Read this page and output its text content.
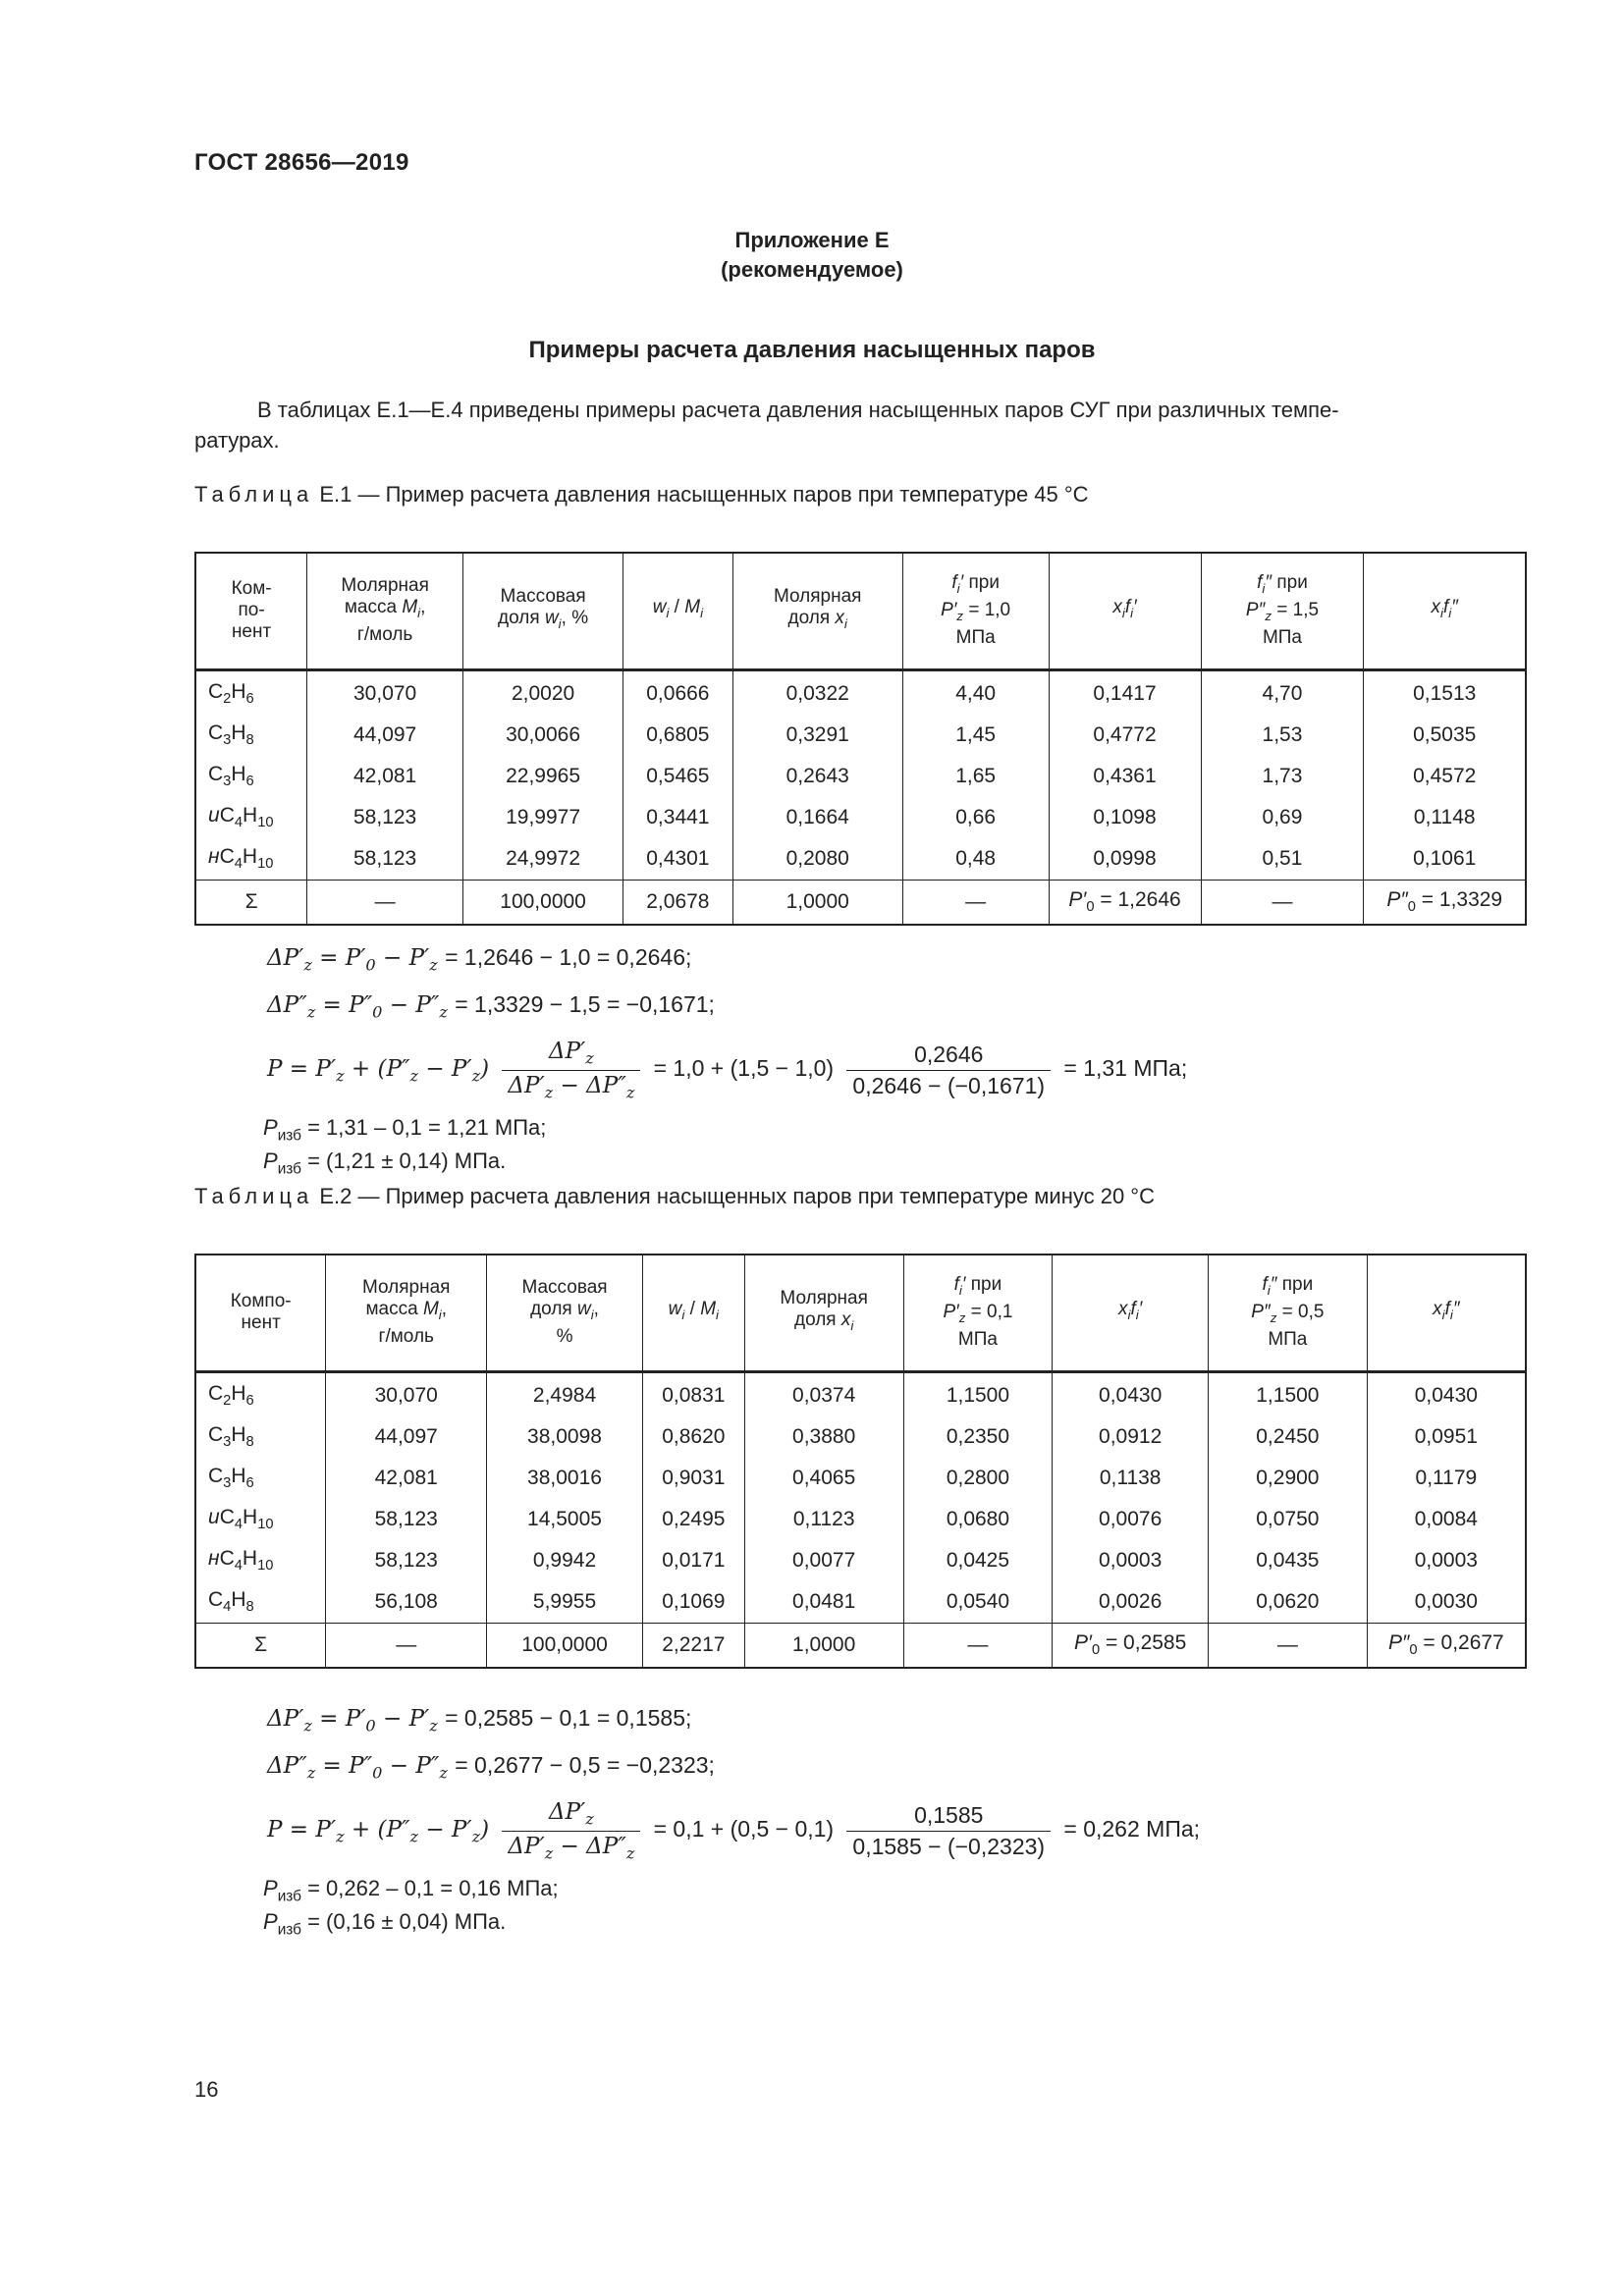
ГОСТ 28656—2019
Приложение Е
(рекомендуемое)
Примеры расчета давления насыщенных паров
В таблицах Е.1—Е.4 приведены примеры расчета давления насыщенных паров СУГ при различных темпе-
ратурах.
Таблица Е.1 — Пример расчета давления насыщенных паров при температуре 45 °С
Ком-
по-
нент	Молярная
масса $M_i$,
г/моль	Массовая
доля $w_i$, %	$w_i / M_i$	Молярная
доля $x_i$	$f_i'$ при
$P'_z = 1,0$
МПа	$x_if_i'$	$f_i''$ при
$P''_z = 1,5$
МПа	$x_if_i''$
$C_2H_6$	30,070	2,0020	0,0666	0,0322	4,40	0,1417	4,70	0,1513
$C_3H_8$	44,097	30,0066	0,6805	0,3291	1,45	0,4772	1,53	0,5035
$C_3H_6$	42,081	22,9965	0,5465	0,2643	1,65	0,4361	1,73	0,4572
$иC_4H_{10}$	58,123	19,9977	0,3441	0,1664	0,66	0,1098	0,69	0,1148
$нC_4H_{10}$	58,123	24,9972	0,4301	0,2080	0,48	0,0998	0,51	0,1061
Σ	—	100,0000	2,0678	1,0000	—	$P'_0 = 1,2646$	—	$P''_0 = 1,3329$
$\Delta P'_z = P'_0 - P'_z = 1,2646 - 1,0 = 0,2646$;
$\Delta P''_z = P''_0 - P''_z = 1,3329 - 1,5 = -0,1671$;
$P = P'_z + (P''_z - P'_z) \frac{\Delta P'_z}{\Delta P'_z - \Delta P''_z} = 1,0 + (1,5 - 1,0) \frac{0,2646}{0,2646 - (-0,1671)} = 1,31$ МПа;
$P_{изб} = 1,31 - 0,1 = 1,21$ МПа;
$P_{изб} = (1,21 \pm 0,14)$ МПа.
Таблица Е.2 — Пример расчета давления насыщенных паров при температуре минус 20 °С
Компо-
нент	Молярная
масса $M_i$,
г/моль	Массовая
доля $w_i$,
%	$w_i / M_i$	Молярная
доля $x_i$	$f_i'$ при
$P'_z = 0,1$
МПа	$x_if_i'$	$f_i''$ при
$P''_z = 0,5$
МПа	$x_if_i''$
$C_2H_6$	30,070	2,4984	0,0831	0,0374	1,1500	0,0430	1,1500	0,0430
$C_3H_8$	44,097	38,0098	0,8620	0,3880	0,2350	0,0912	0,2450	0,0951
$C_3H_6$	42,081	38,0016	0,9031	0,4065	0,2800	0,1138	0,2900	0,1179
$иC_4H_{10}$	58,123	14,5005	0,2495	0,1123	0,0680	0,0076	0,0750	0,0084
$нC_4H_{10}$	58,123	0,9942	0,0171	0,0077	0,0425	0,0003	0,0435	0,0003
$C_4H_8$	56,108	5,9955	0,1069	0,0481	0,0540	0,0026	0,0620	0,0030
Σ	—	100,0000	2,2217	1,0000	—	$P'_0 = 0,2585$	—	$P''_0 = 0,2677$
$\Delta P'_z = P'_0 - P'_z = 0,2585 - 0,1 = 0,1585$;
$\Delta P''_z = P''_0 - P''_z = 0,2677 - 0,5 = -0,2323$;
$P = P'_z + (P''_z - P'_z) \frac{\Delta P'_z}{\Delta P'_z - \Delta P''_z} = 0,1 + (0,5 - 0,1) \frac{0,1585}{0,1585 - (-0,2323)} = 0,262$ МПа;
$P_{изб} = 0,262 - 0,1 = 0,16$ МПа;
$P_{изб} = (0,16 \pm 0,04)$ МПа.
16
